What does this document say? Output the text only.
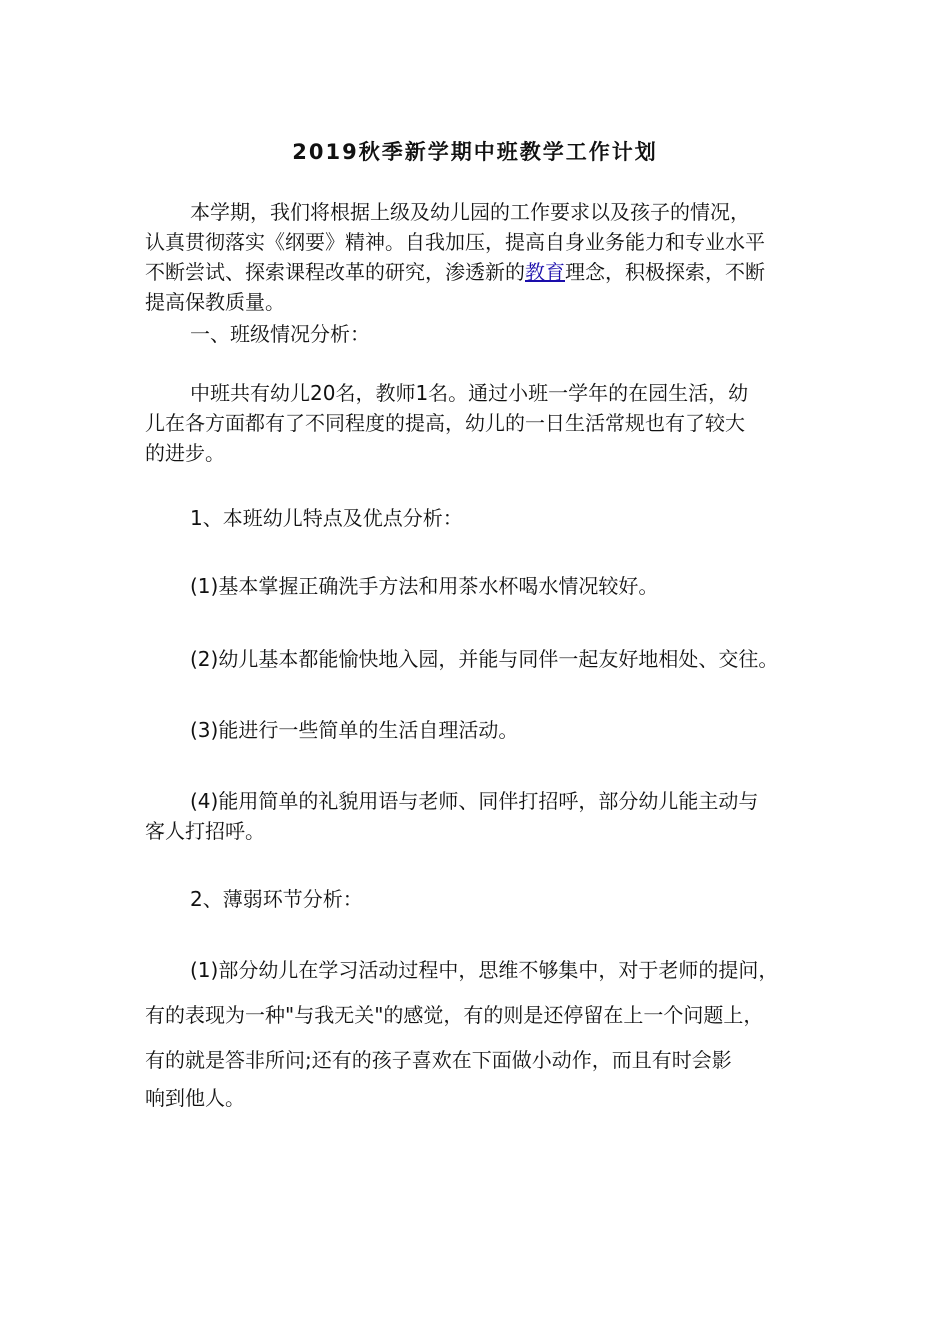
2019秋季新学期中班教学工作计划
本学期，我们将根据上级及幼儿园的工作要求以及孩子的情况，
认真贯彻落实《纲要》精神。自我加压，提高自身业务能力和专业水平
不断尝试、探索课程改革的研究，渗透新的教育理念，积极探索，不断
提高保教质量。
一、班级情况分析：
中班共有幼儿20名，教师1名。通过小班一学年的在园生活，幼
儿在各方面都有了不同程度的提高，幼儿的一日生活常规也有了较大
的进步。
1、本班幼儿特点及优点分析：
(1)基本掌握正确洗手方法和用茶水杯喝水情况较好。
(2)幼儿基本都能愉快地入园，并能与同伴一起友好地相处、交往。
(3)能进行一些简单的生活自理活动。
(4)能用简单的礼貌用语与老师、同伴打招呼，部分幼儿能主动与
客人打招呼。
2、薄弱环节分析：
(1)部分幼儿在学习活动过程中，思维不够集中，对于老师的提问，
有的表现为一种"与我无关"的感觉，有的则是还停留在上一个问题上，
有的就是答非所问;还有的孩子喜欢在下面做小动作，而且有时会影
响到他人。
